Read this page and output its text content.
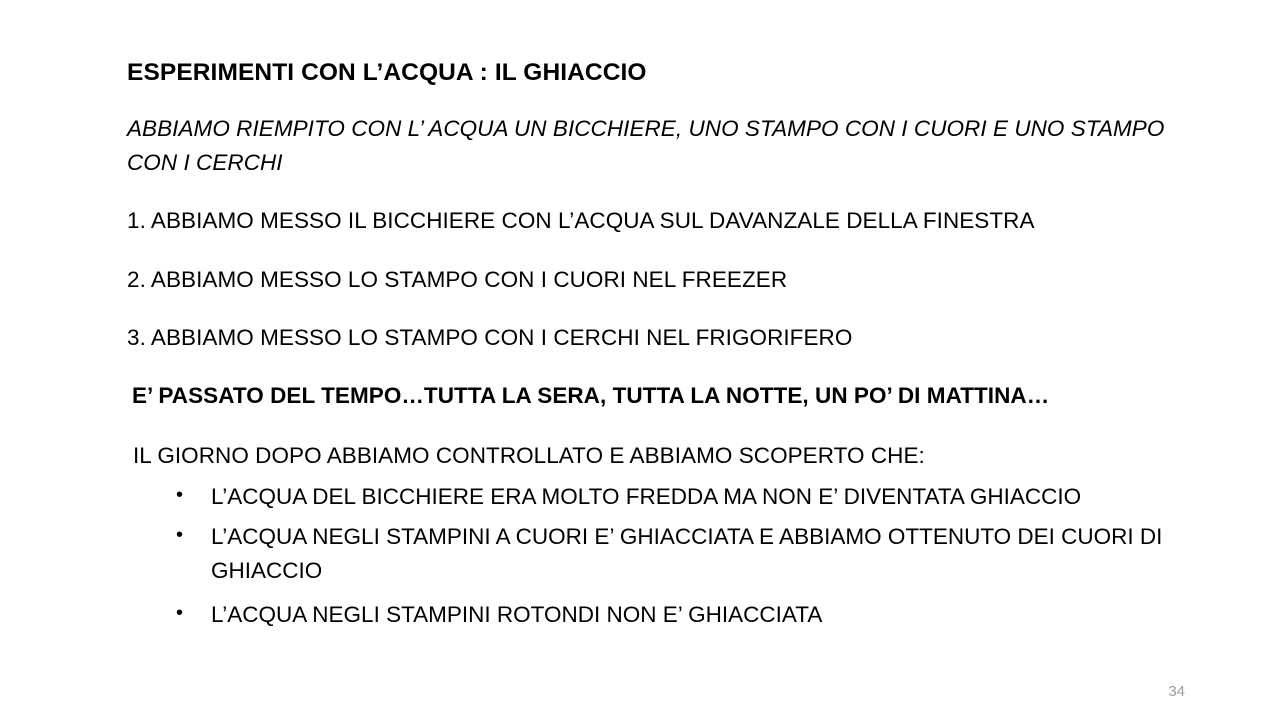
ESPERIMENTI CON L’ACQUA : IL GHIACCIO

ABBIAMO RIEMPITO CON L’ ACQUA UN BICCHIERE, UNO STAMPO CON I CUORI E UNO STAMPO CON I CERCHI

1. ABBIAMO MESSO IL BICCHIERE CON L’ACQUA SUL DAVANZALE DELLA FINESTRA

2. ABBIAMO MESSO LO STAMPO CON I CUORI NEL FREEZER

3. ABBIAMO MESSO LO STAMPO CON I CERCHI NEL FRIGORIFERO

E’ PASSATO DEL TEMPO…TUTTA LA SERA, TUTTA LA NOTTE, UN PO’ DI MATTINA…

IL GIORNO DOPO ABBIAMO CONTROLLATO E ABBIAMO SCOPERTO CHE:

• L’ACQUA DEL BICCHIERE ERA MOLTO FREDDA MA NON E’ DIVENTATA GHIACCIO
• L’ACQUA NEGLI STAMPINI A CUORI E’ GHIACCIATA E ABBIAMO OTTENUTO DEI CUORI DI GHIACCIO
• L’ACQUA NEGLI STAMPINI ROTONDI NON E’ GHIACCIATA
34
